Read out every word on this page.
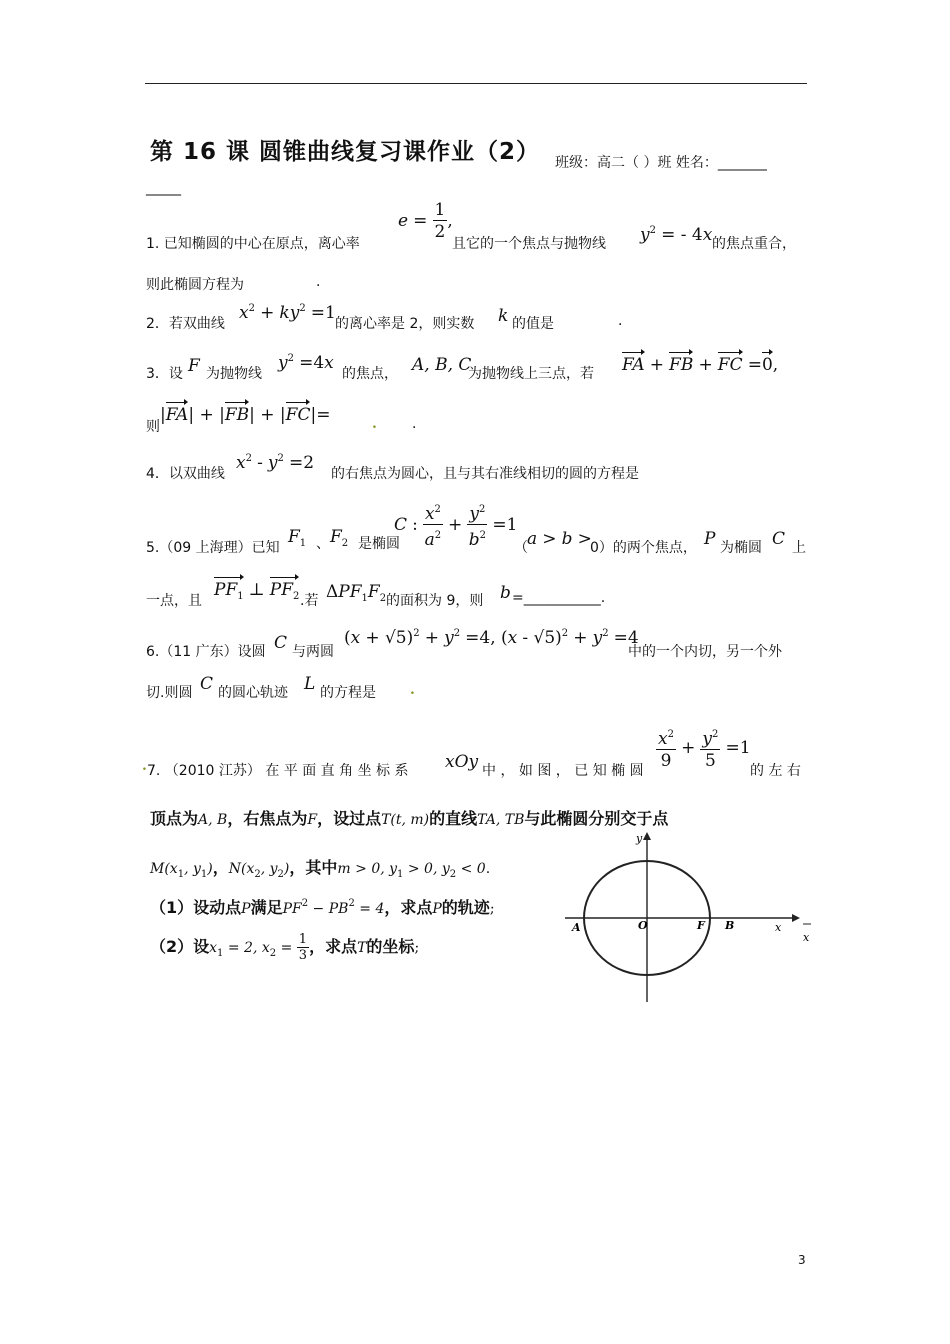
第 16 课 圆锥曲线复习课作业（2） 班级：高二（ ）班 姓名：_______
_____
1. 已知椭圆的中心在原点，离心率
$e = \frac{1}{2}$ ,
且它的一个焦点与抛物线 $y^2$ = - 4x 的焦点重合，
则此椭圆方程为	.
2．若双曲线
$x^2 + ky^2 =1$
的离心率是 2，则实数 k 的值是	.
3．设 F 为抛物线
$y^2 =4x$
的焦点， A, B, C
为抛物线上三点，若 FA + FB + FC =0,
则
|FA| + |FB| + |FC|=	.	.
4．以双曲线
$x^2 - y^2 =2$
的右焦点为圆心，且与其右准线相切的圆的方程是
5.（09 上海理）已知
$F_1$ 、 $F_2$ 是椭圆
C : $\frac{x^2}{a^2} + \frac{y^2}{b^2} =1$
（ a > b >
0）的两个焦点， P 为椭圆 C 上
一点，且
$PF_1$ ⊥ $PF_2$ .若 $\Delta PF_1F_2$ 的面积为 9，则 b =___________.
6.（11 广东）设圆 C 与两圆
$(x + √5)^2 + y^2 =4$, $(x - √5)^2 + y^2 =4$
中的一个内切，另一个外
切.则圆 C 的圆心轨迹 L 的方程是 .
. 7. （2010 江苏） 在 平 面 直 角 坐 标 系 xOy 中 ， 如 图 ， 已 知 椭 圆 $\frac{x^2}{9} + \frac{y^2}{5} =1$
的 左 右
顶点为A, B，右焦点为F，设过点T(t, m)的直线TA, TB与此椭圆分别交于点
$M(x_1$, $y_1$)，$N(x_2$, $y_2$)，其中m > 0, $y_1 > 0$, $y_2 < 0$.
（1）设动点P满足$PF^2 - PB^2 = 4$，求点P的轨迹;
（2）设$x_1 = 2$, $x_2 = \frac{1}{3}$ ，求点T的坐标;
y
A	O	F B	x
x
3
